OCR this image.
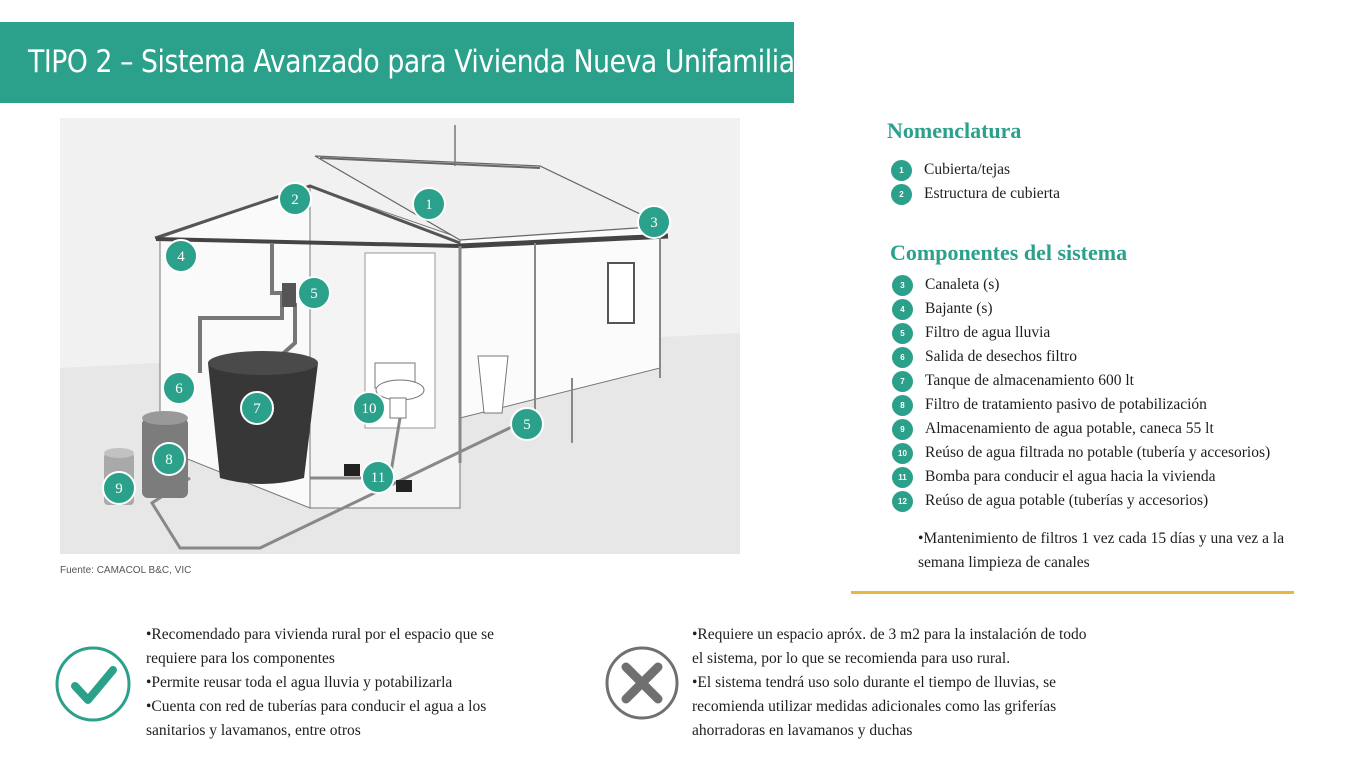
TIPO 2 – Sistema Avanzado para Vivienda Nueva Unifamiliar
1
2
3
4
5
6
7
8
9
10
11
5
Fuente: CAMACOL B&C, VIC
Nomenclatura
1	Cubierta/tejas
2	Estructura de cubierta
Componentes del sistema
3	Canaleta (s)
4	Bajante (s)
5	Filtro de agua lluvia
6	Salida de desechos filtro
7	Tanque de almacenamiento 600 lt
8	Filtro de tratamiento pasivo de potabilización
9	Almacenamiento de agua potable, caneca 55 lt
10	Reúso de agua filtrada no potable (tubería y accesorios)
11	Bomba para conducir el agua hacia la vivienda
12	Reúso de agua potable (tuberías y accesorios)
•Mantenimiento de filtros 1 vez cada 15 días y una vez a la semana limpieza de canales
•Recomendado para vivienda rural por el espacio que se
requiere para los componentes
•Permite reusar toda el agua lluvia y potabilizarla
•Cuenta con red de tuberías para conducir el agua a los
sanitarios y lavamanos, entre otros
•Requiere un espacio apróx. de 3 m2 para la instalación de todo
el sistema, por lo que se recomienda para uso rural.
•El sistema tendrá uso solo durante el tiempo de lluvias, se
recomienda utilizar medidas adicionales como las griferías
ahorradoras en lavamanos y duchas
